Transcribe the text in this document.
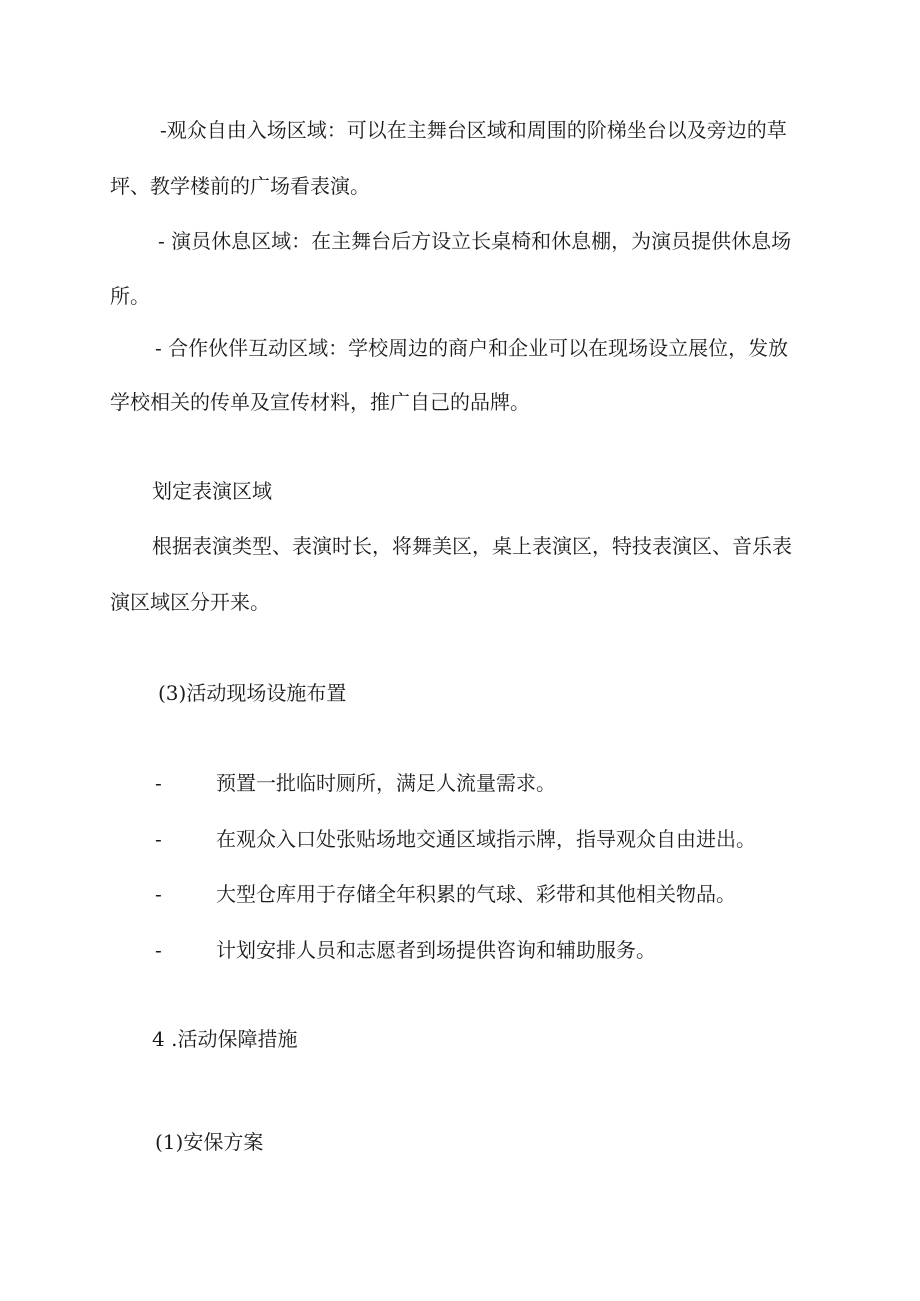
-观众自由入场区域：可以在主舞台区域和周围的阶梯坐台以及旁边的草
坪、教学楼前的广场看表演。
- 演员休息区域：在主舞台后方设立长桌椅和休息棚，为演员提供休息场
所。
- 合作伙伴互动区域：学校周边的商户和企业可以在现场设立展位，发放
学校相关的传单及宣传材料，推广自己的品牌。
划定表演区域
根据表演类型、表演时长，将舞美区，桌上表演区，特技表演区、音乐表
演区域区分开来。
(3)活动现场设施布置
-	预置一批临时厕所，满足人流量需求。
-	在观众入口处张贴场地交通区域指示牌，指导观众自由进出。
-	大型仓库用于存储全年积累的气球、彩带和其他相关物品。
-	计划安排人员和志愿者到场提供咨询和辅助服务。
4 .活动保障措施
(1)安保方案
